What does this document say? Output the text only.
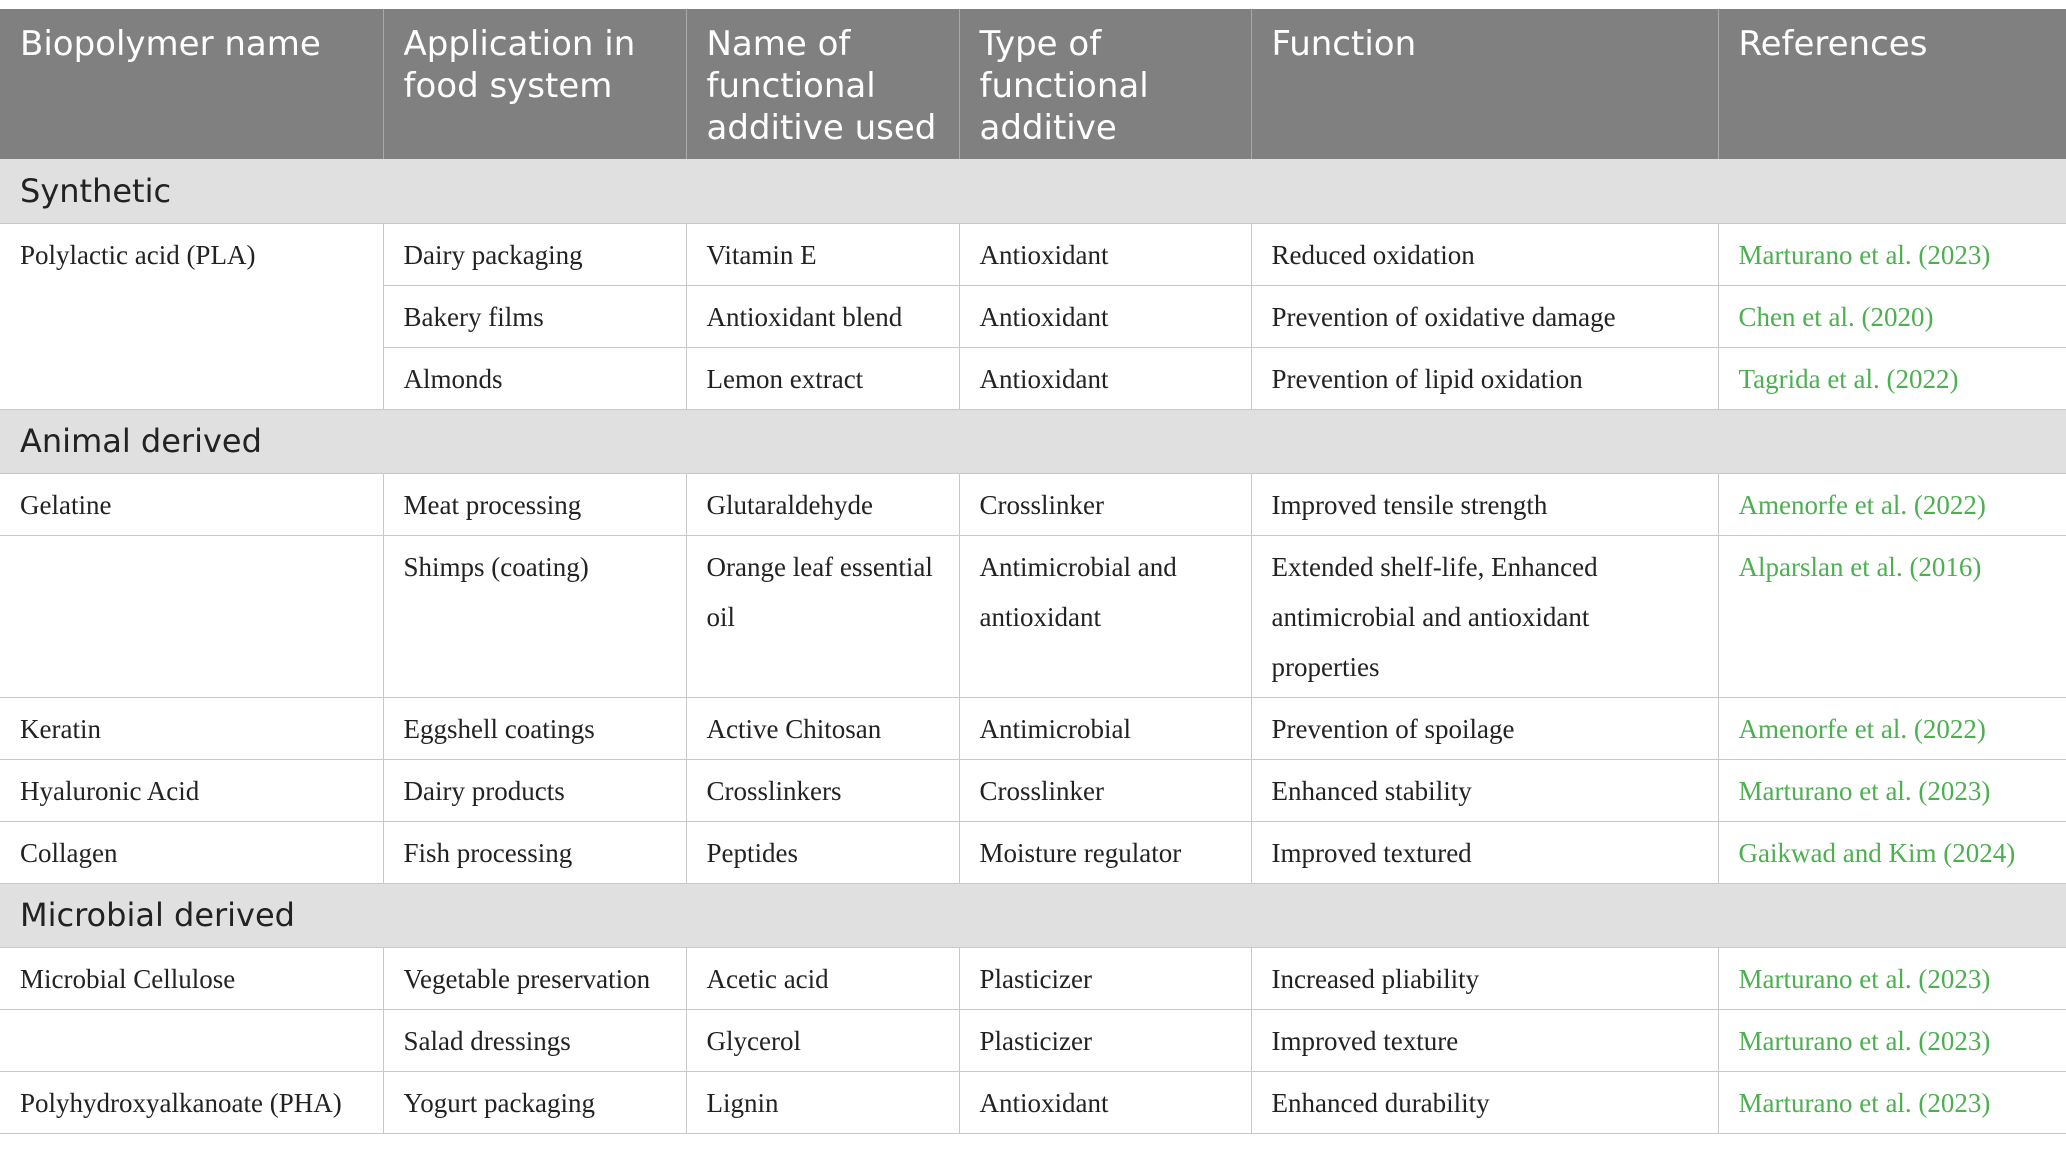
Biopolymer name	Application in food system	Name of functional additive used	Type of functional additive	Function	References
Synthetic					
Polylactic acid (PLA)	Dairy packaging	Vitamin E	Antioxidant	Reduced oxidation	Marturano et al. (2023)
	Bakery films	Antioxidant blend	Antioxidant	Prevention of oxidative damage	Chen et al. (2020)
	Almonds	Lemon extract	Antioxidant	Prevention of lipid oxidation	Tagrida et al. (2022)
Animal derived					
Gelatine	Meat processing	Glutaraldehyde	Crosslinker	Improved tensile strength	Amenorfe et al. (2022)
	Shimps (coating)	Orange leaf essential oil	Antimicrobial and antioxidant	Extended shelf-life, Enhanced antimicrobial and antioxidant properties	Alparslan et al. (2016)
Keratin	Eggshell coatings	Active Chitosan	Antimicrobial	Prevention of spoilage	Amenorfe et al. (2022)
Hyaluronic Acid	Dairy products	Crosslinkers	Crosslinker	Enhanced stability	Marturano et al. (2023)
Collagen	Fish processing	Peptides	Moisture regulator	Improved textured	Gaikwad and Kim (2024)
Microbial derived					
Microbial Cellulose	Vegetable preservation	Acetic acid	Plasticizer	Increased pliability	Marturano et al. (2023)
	Salad dressings	Glycerol	Plasticizer	Improved texture	Marturano et al. (2023)
Polyhydroxyalkanoate (PHA)	Yogurt packaging	Lignin	Antioxidant	Enhanced durability	Marturano et al. (2023)
